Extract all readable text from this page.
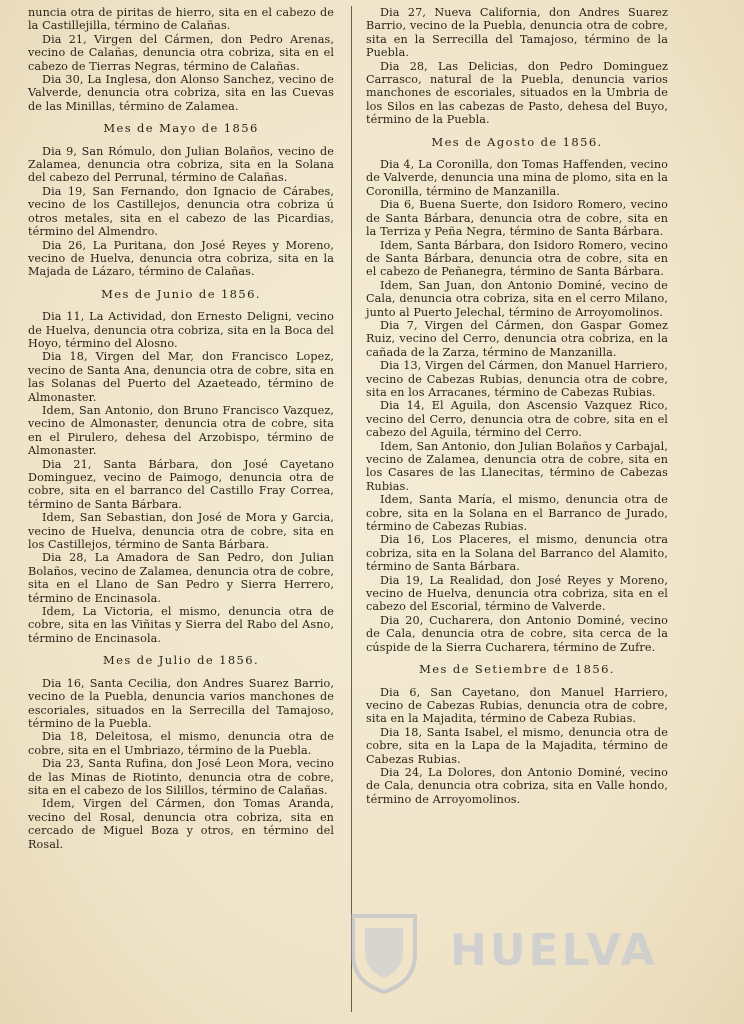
nuncia otra de piritas de hierro, sita en el cabezo de la Castillejilla, término de Calañas.

Dia 21, Virgen del Cármen, don Pedro Arenas, vecino de Calañas, denuncia otra cobriza, sita en el cabezo de Tierras Negras, término de Calañas.

Dia 30, La Inglesa, don Alonso Sanchez, vecino de Valverde, denuncia otra cobriza, sita en las Cuevas de las Minillas, término de Zalamea.

Mes de Mayo de 1856

Dia 9, San Rómulo, don Julian Bolaños, vecino de Zalamea, denuncia otra cobriza, sita en la Solana del cabezo del Perrunal, término de Calañas.

Dia 19, San Fernando, don Ignacio de Cárabes, vecino de los Castillejos, denuncia otra cobriza ú otros metales, sita en el cabezo de las Picardias, término del Almendro.

Dia 26, La Puritana, don José Reyes y Moreno, vecino de Huelva, denuncia otra cobriza, sita en la Majada de Lázaro, término de Calañas.

Mes de Junio de 1856.

Dia 11, La Actividad, don Ernesto Deligni, vecino de Huelva, denuncia otra cobriza, sita en la Boca del Hoyo, término del Alosno.

Dia 18, Virgen del Mar, don Francisco Lopez, vecino de Santa Ana, denuncia otra de cobre, sita en las Solanas del Puerto del Azaeteado, término de Almonaster.

Idem, San Antonio, don Bruno Francisco Vazquez, vecino de Almonaster, denuncia otra de cobre, sita en el Pirulero, dehesa del Arzobispo, término de Almonaster.

Dia 21, Santa Bárbara, don José Cayetano Dominguez, vecino de Paimogo, denuncia otra de cobre, sita en el barranco del Castillo Fray Correa, término de Santa Bárbara.

Idem, San Sebastian, don José de Mora y Garcia, vecino de Huelva, denuncia otra de cobre, sita en los Castillejos, término de Santa Bárbara.

Dia 28, La Amadora de San Pedro, don Julian Bolaños, vecino de Zalamea, denuncia otra de cobre, sita en el Llano de San Pedro y Sierra Herrero, término de Encinasola.

Idem, La Victoria, el mismo, denuncia otra de cobre, sita en las Viñitas y Sierra del Rabo del Asno, término de Encinasola.

Mes de Julio de 1856.

Dia 16, Santa Cecilia, don Andres Suarez Barrio, vecino de la Puebla, denuncia varios manchones de escoriales, situados en la Serrecilla del Tamajoso, término de la Puebla.

Dia 18, Deleitosa, el mismo, denuncia otra de cobre, sita en el Umbriazo, término de la Puebla.

Dia 23, Santa Rufina, don José Leon Mora, vecino de las Minas de Riotinto, denuncia otra de cobre, sita en el cabezo de los Silillos, término de Calañas.

Idem, Virgen del Cármen, don Tomas Aranda, vecino del Rosal, denuncia otra cobriza, sita en cercado de Miguel Boza y otros, en término del Rosal.

Dia 27, Nueva California, don Andres Suarez Barrio, vecino de la Puebla, denuncia otra de cobre, sita en la Serrecilla del Tamajoso, término de la Puebla.

Dia 28, Las Delicias, don Pedro Dominguez Carrasco, natural de la Puebla, denuncia varios manchones de escoriales, situados en la Umbria de los Silos en las cabezas de Pasto, dehesa del Buyo, término de la Puebla.

Mes de Agosto de 1856.

Dia 4, La Coronilla, don Tomas Haffenden, vecino de Valverde, denuncia una mina de plomo, sita en la Coronilla, término de Manzanilla.

Dia 6, Buena Suerte, don Isidoro Romero, vecino de Santa Bárbara, denuncia otra de cobre, sita en la Terriza y Peña Negra, término de Santa Bárbara.

Idem, Santa Bárbara, don Isidoro Romero, vecino de Santa Bárbara, denuncia otra de cobre, sita en el cabezo de Peñanegra, término de Santa Bárbara.

Idem, San Juan, don Antonio Dominé, vecino de Cala, denuncia otra cobriza, sita en el cerro Milano, junto al Puerto Jelechal, término de Arroyomolinos.

Dia 7, Virgen del Cármen, don Gaspar Gomez Ruiz, vecino del Cerro, denuncia otra cobriza, en la cañada de la Zarza, término de Manzanilla.

Dia 13, Virgen del Cármen, don Manuel Harriero, vecino de Cabezas Rubias, denuncia otra de cobre, sita en los Arracanes, término de Cabezas Rubias.

Dia 14, El Aguila, don Ascensio Vazquez Rico, vecino del Cerro, denuncia otra de cobre, sita en el cabezo del Aguila, término del Cerro.

Idem, San Antonio, don Julian Bolaños y Carbajal, vecino de Zalamea, denuncia otra de cobre, sita en los Casares de las Llanecitas, término de Cabezas Rubias.

Idem, Santa María, el mismo, denuncia otra de cobre, sita en la Solana en el Barranco de Jurado, término de Cabezas Rubias.

Dia 16, Los Placeres, el mismo, denuncia otra cobriza, sita en la Solana del Barranco del Alamito, término de Santa Bárbara.

Dia 19, La Realidad, don José Reyes y Moreno, vecino de Huelva, denuncia otra cobriza, sita en el cabezo del Escorial, término de Valverde.

Dia 20, Cucharera, don Antonio Dominé, vecino de Cala, denuncia otra de cobre, sita cerca de la cúspide de la Sierra Cucharera, término de Zufre.

Mes de Setiembre de 1856.

Dia 6, San Cayetano, don Manuel Harriero, vecino de Cabezas Rubias, denuncia otra de cobre, sita en la Majadita, término de Cabeza Rubias.

Dia 18, Santa Isabel, el mismo, denuncia otra de cobre, sita en la Lapa de la Majadita, término de Cabezas Rubias.

Dia 24, La Dolores, don Antonio Dominé, vecino de Cala, denuncia otra cobriza, sita en Valle hondo, término de Arroyomolinos.

HUELVA
